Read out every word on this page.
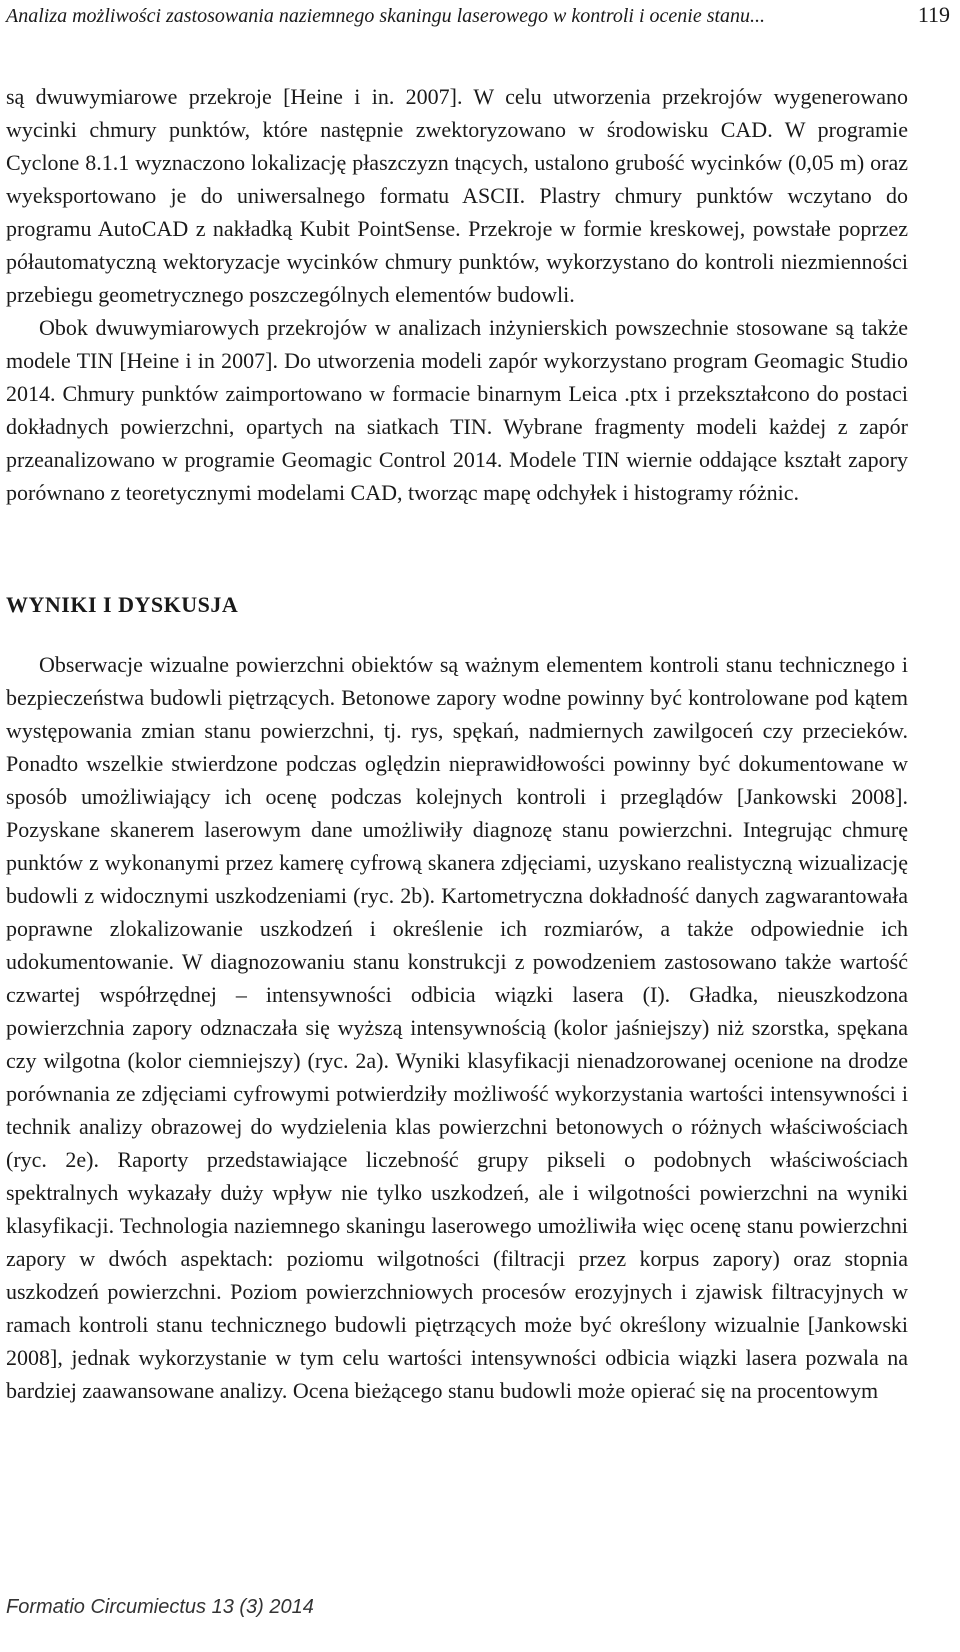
Analiza możliwości zastosowania naziemnego skaningu laserowego w kontroli i ocenie stanu...	119

są dwuwymiarowe przekroje [Heine i in. 2007]. W celu utworzenia przekrojów wygenerowano wycinki chmury punktów, które następnie zwektoryzowano w środowisku CAD. W programie Cyclone 8.1.1 wyznaczono lokalizację płaszczyzn tnących, ustalono grubość wycinków (0,05 m) oraz wyeksportowano je do uniwersalnego formatu ASCII. Plastry chmury punktów wczytano do programu AutoCAD z nakładką Kubit PointSense. Przekroje w formie kreskowej, powstałe poprzez półautomatyczną wektoryzacje wycinków chmury punktów, wykorzystano do kontroli niezmienności przebiegu geometrycznego poszczególnych elementów budowli.

Obok dwuwymiarowych przekrojów w analizach inżynierskich powszechnie stosowane są także modele TIN [Heine i in 2007]. Do utworzenia modeli zapór wykorzystano program Geomagic Studio 2014. Chmury punktów zaimportowano w formacie binarnym Leica .ptx i przekształcono do postaci dokładnych powierzchni, opartych na siatkach TIN. Wybrane fragmenty modeli każdej z zapór przeanalizowano w programie Geomagic Control 2014. Modele TIN wiernie oddające kształt zapory porównano z teoretycznymi modelami CAD, tworząc mapę odchyłek i histogramy różnic.

WYNIKI I DYSKUSJA

Obserwacje wizualne powierzchni obiektów są ważnym elementem kontroli stanu technicznego i bezpieczeństwa budowli piętrzących. Betonowe zapory wodne powinny być kontrolowane pod kątem występowania zmian stanu powierzchni, tj. rys, spękań, nadmiernych zawilgoceń czy przecieków. Ponadto wszelkie stwierdzone podczas oględzin nieprawidłowości powinny być dokumentowane w sposób umożliwiający ich ocenę podczas kolejnych kontroli i przeglądów [Jankowski 2008]. Pozyskane skanerem laserowym dane umożliwiły diagnozę stanu powierzchni. Integrując chmurę punktów z wykonanymi przez kamerę cyfrową skanera zdjęciami, uzyskano realistyczną wizualizację budowli z widocznymi uszkodzeniami (ryc. 2b). Kartometryczna dokładność danych zagwarantowała poprawne zlokalizowanie uszkodzeń i określenie ich rozmiarów, a także odpowiednie ich udokumentowanie. W diagnozowaniu stanu konstrukcji z powodzeniem zastosowano także wartość czwartej współrzędnej – intensywności odbicia wiązki lasera (I). Gładka, nieuszkodzona powierzchnia zapory odznaczała się wyższą intensywnością (kolor jaśniejszy) niż szorstka, spękana czy wilgotna (kolor ciemniejszy) (ryc. 2a). Wyniki klasyfikacji nienadzorowanej ocenione na drodze porównania ze zdjęciami cyfrowymi potwierdziły możliwość wykorzystania wartości intensywności i technik analizy obrazowej do wydzielenia klas powierzchni betonowych o różnych właściwościach (ryc. 2e). Raporty przedstawiające liczebność grupy pikseli o podobnych właściwościach spektralnych wykazały duży wpływ nie tylko uszkodzeń, ale i wilgotności powierzchni na wyniki klasyfikacji. Technologia naziemnego skaningu laserowego umożliwiła więc ocenę stanu powierzchni zapory w dwóch aspektach: poziomu wilgotności (filtracji przez korpus zapory) oraz stopnia uszkodzeń powierzchni. Poziom powierzchniowych procesów erozyjnych i zjawisk filtracyjnych w ramach kontroli stanu technicznego budowli piętrzących może być określony wizualnie [Jankowski 2008], jednak wykorzystanie w tym celu wartości intensywności odbicia wiązki lasera pozwala na bardziej zaawansowane analizy. Ocena bieżącego stanu budowli może opierać się na procentowym

Formatio Circumiectus 13 (3) 2014
